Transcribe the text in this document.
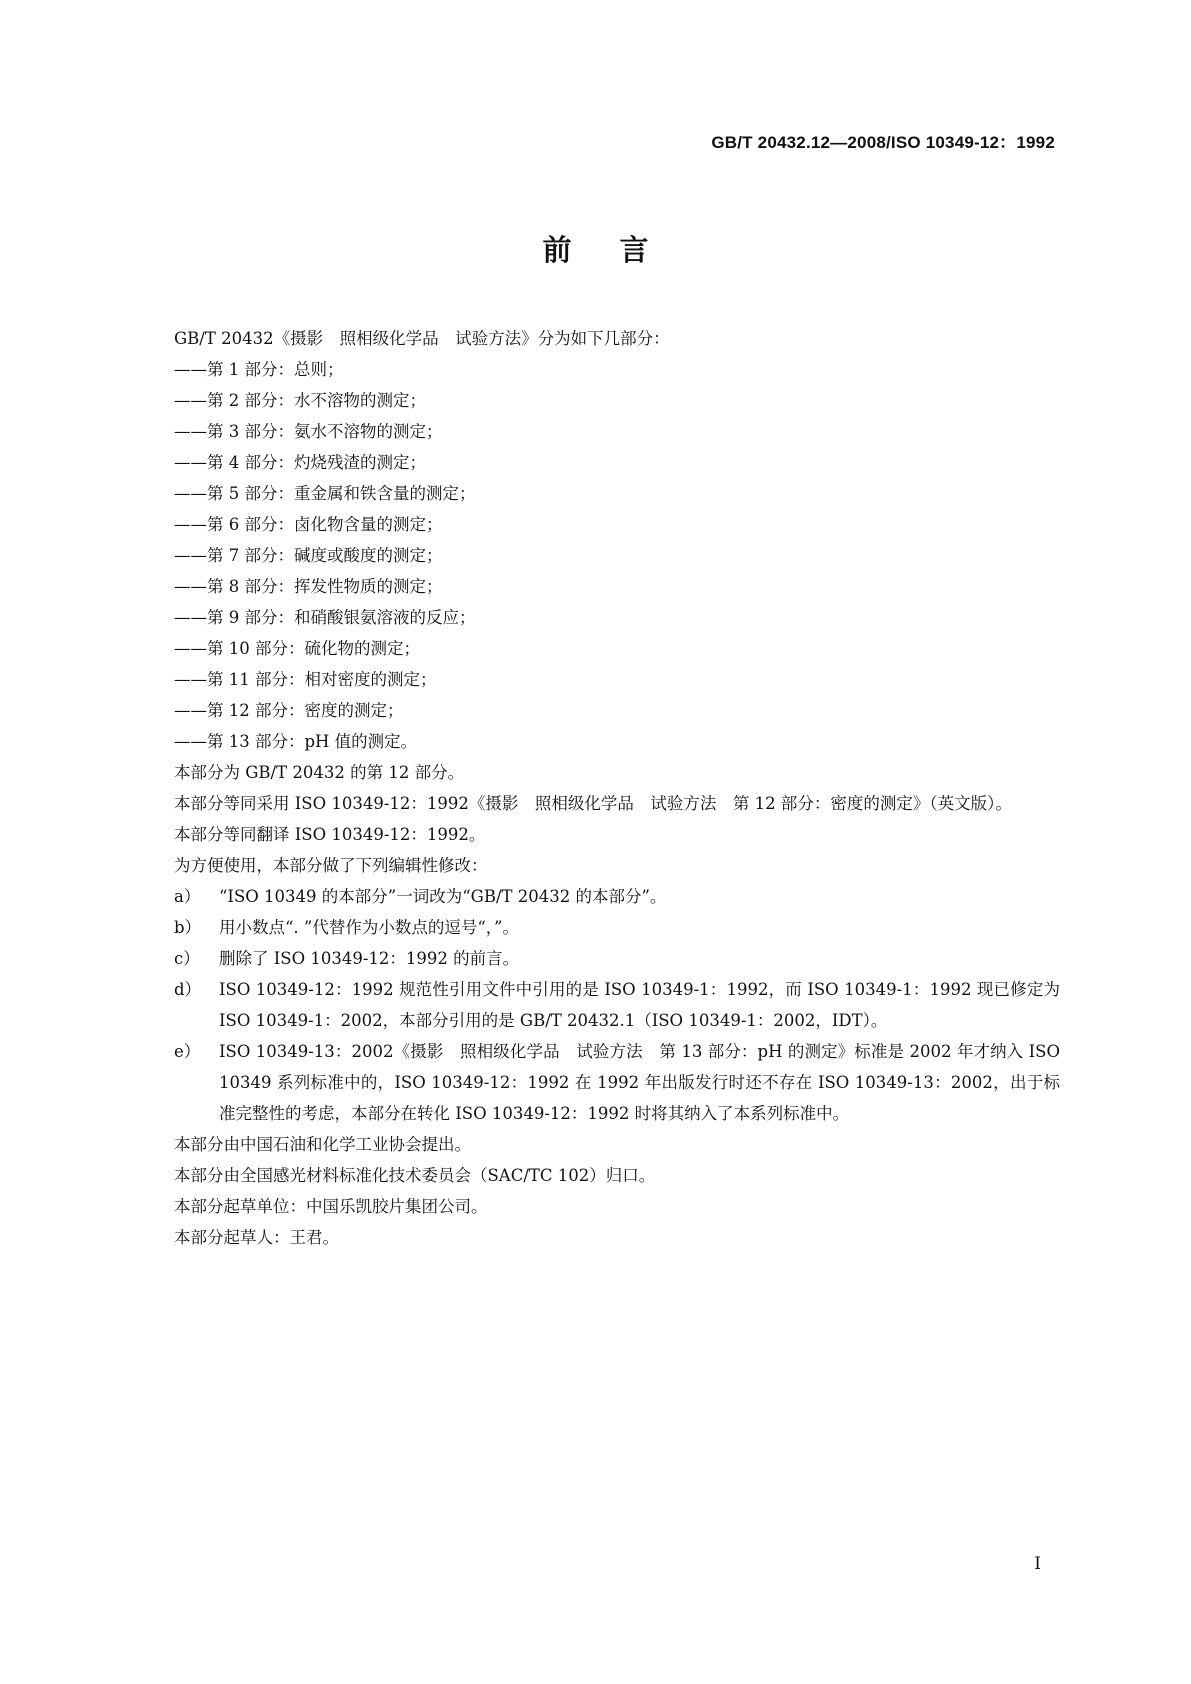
GB/T 20432.12—2008/ISO 10349-12：1992
前言
GB/T 20432《摄影　照相级化学品　试验方法》分为如下几部分：
——第 1 部分：总则；
——第 2 部分：水不溶物的测定；
——第 3 部分：氨水不溶物的测定；
——第 4 部分：灼烧残渣的测定；
——第 5 部分：重金属和铁含量的测定；
——第 6 部分：卤化物含量的测定；
——第 7 部分：碱度或酸度的测定；
——第 8 部分：挥发性物质的测定；
——第 9 部分：和硝酸银氨溶液的反应；
——第 10 部分：硫化物的测定；
——第 11 部分：相对密度的测定；
——第 12 部分：密度的测定；
——第 13 部分：pH 值的测定。
本部分为 GB/T 20432 的第 12 部分。
本部分等同采用 ISO 10349-12：1992《摄影　照相级化学品　试验方法　第 12 部分：密度的测定》（英文版）。
本部分等同翻译 ISO 10349-12：1992。
为方便使用，本部分做了下列编辑性修改：
a） “ISO 10349 的本部分”一词改为“GB/T 20432 的本部分”。
b） 用小数点“. ”代替作为小数点的逗号“，”。
c） 删除了 ISO 10349-12：1992 的前言。
d） ISO 10349-12：1992 规范性引用文件中引用的是 ISO 10349-1：1992，而 ISO 10349-1：1992 现已修定为 ISO 10349-1：2002，本部分引用的是 GB/T 20432.1（ISO 10349-1：2002，IDT）。
e） ISO 10349-13：2002《摄影　照相级化学品　试验方法　第 13 部分：pH 的测定》标准是 2002 年才纳入 ISO 10349 系列标准中的，ISO 10349-12：1992 在 1992 年出版发行时还不存在 ISO 10349-13：2002，出于标准完整性的考虑，本部分在转化 ISO 10349-12：1992 时将其纳入了本系列标准中。
本部分由中国石油和化学工业协会提出。
本部分由全国感光材料标准化技术委员会（SAC/TC 102）归口。
本部分起草单位：中国乐凯胶片集团公司。
本部分起草人：王君。
I
